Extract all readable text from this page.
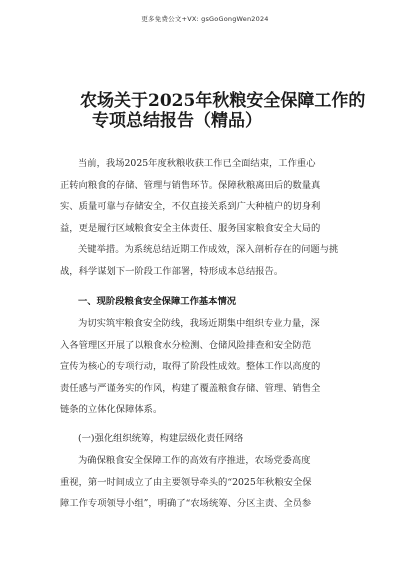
更多免费公文+VX: gsGoGongWen2024
农场关于2025年秋粮安全保障工作的
专项总结报告（精品）
当前，我场2025年度秋粮收获工作已全面结束，工作重心
正转向粮食的存储、管理与销售环节。保障秋粮离田后的数量真
实、质量可靠与存储安全，不仅直接关系到广大种植户的切身利
益，更是履行区域粮食安全主体责任、服务国家粮食安全大局的
关键举措。为系统总结近期工作成效，深入剖析存在的问题与挑
战，科学谋划下一阶段工作部署，特形成本总结报告。
一、现阶段粮食安全保障工作基本情况
为切实筑牢粮食安全防线，我场近期集中组织专业力量，深
入各管理区开展了以粮食水分检测、仓储风险排查和安全防范
宣传为核心的专项行动，取得了阶段性成效。整体工作以高度的
责任感与严谨务实的作风，构建了覆盖粮食存储、管理、销售全
链条的立体化保障体系。
(一)强化组织统筹，构建层级化责任网络
为确保粮食安全保障工作的高效有序推进，农场党委高度
重视，第一时间成立了由主要领导牵头的“2025年秋粮安全保
障工作专项领导小组”，明确了“农场统筹、分区主责、全员参
